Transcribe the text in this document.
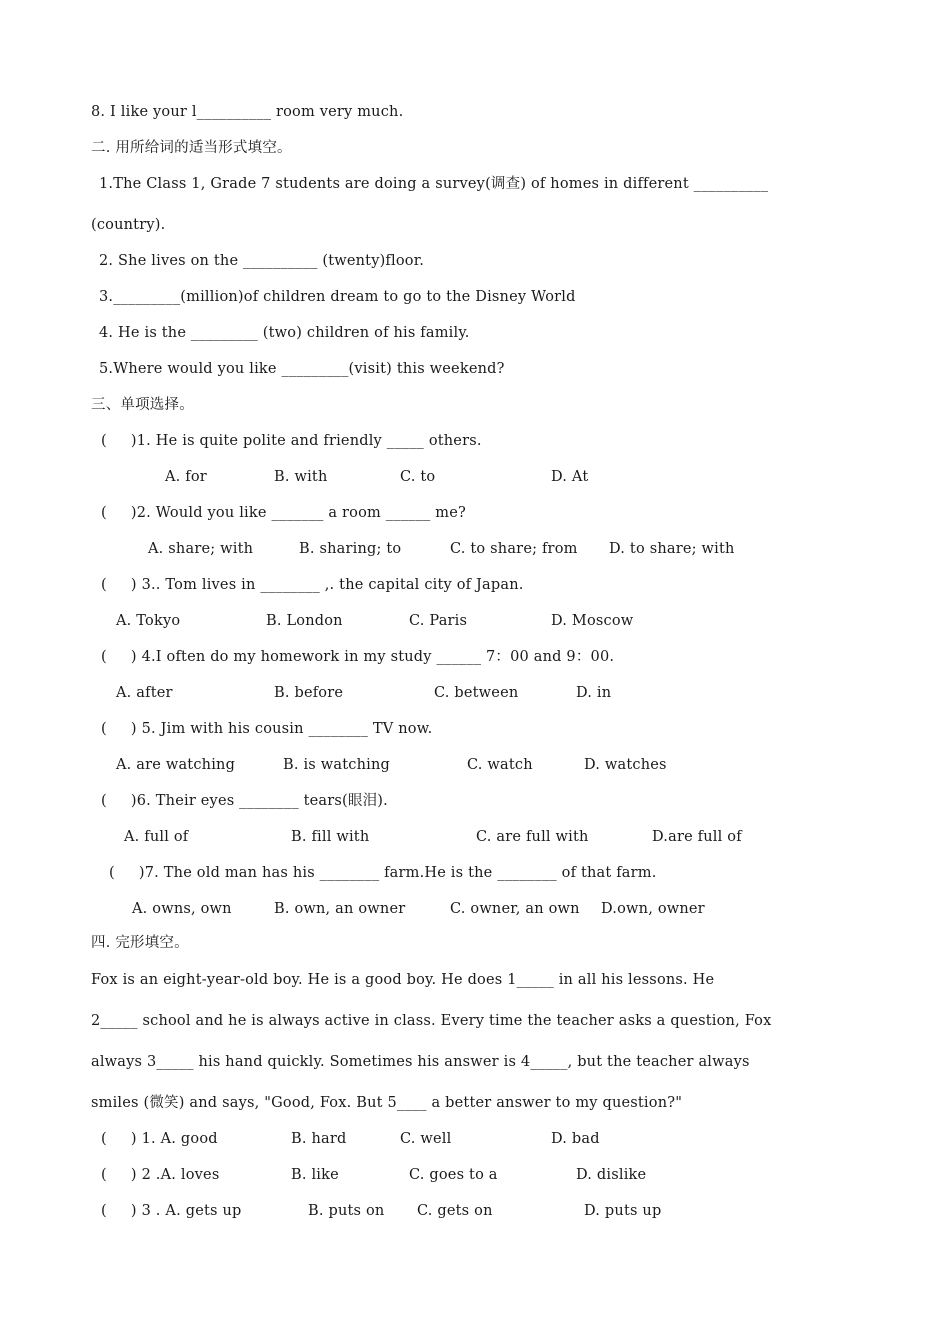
8. I like your l__________ room very much.
二. 用所给词的适当形式填空。
1.The Class 1, Grade 7 students are doing a survey(调查) of homes in different __________
(country).
2. She lives on the __________ (twenty)floor.
3._________(million)of children dream to go to the Disney World
4. He is the _________ (two) children of his family.
5.Where would you like _________(visit) this weekend?
三、单项选择。
(     )1. He is quite polite and friendly _____ others.
A. for	B. with	C. to	D. At
(     )2. Would you like _______ a room ______ me?
A. share; with	B. sharing; to	C. to share; from D. to share; with
(     ) 3.. Tom lives in ________ ,. the capital city of Japan.
A. Tokyo	B. London	C. Paris	D. Moscow
(     ) 4.I often do my homework in my study ______ 7：00 and 9：00.
A. after	B. before	C. between	D. in
(     ) 5. Jim with his cousin ________ TV now.
A. are watching	B. is watching	C. watch	D. watches
(     )6. Their eyes ________ tears(眼泪).
A. full of	B. fill with	C. are full with	D.are full of
(     )7. The old man has his ________ farm.He is the ________ of that farm.
A. owns, own	B. own, an owner	C. owner, an own D.own, owner
四. 完形填空。
Fox is an eight-year-old boy. He is a good boy. He does 1_____ in all his lessons. He
2_____ school and he is always active in class. Every time the teacher asks a question, Fox
always 3_____ his hand quickly. Sometimes his answer is 4_____, but the teacher always
smiles (微笑) and says, "Good, Fox. But 5____ a better answer to my question?"
(     ) 1. A. good	B. hard	C. well	D. bad
(     ) 2 .A. loves	B. like	C. goes to a	D. dislike
(     ) 3 . A. gets up	B. puts on C. gets on	D. puts up
